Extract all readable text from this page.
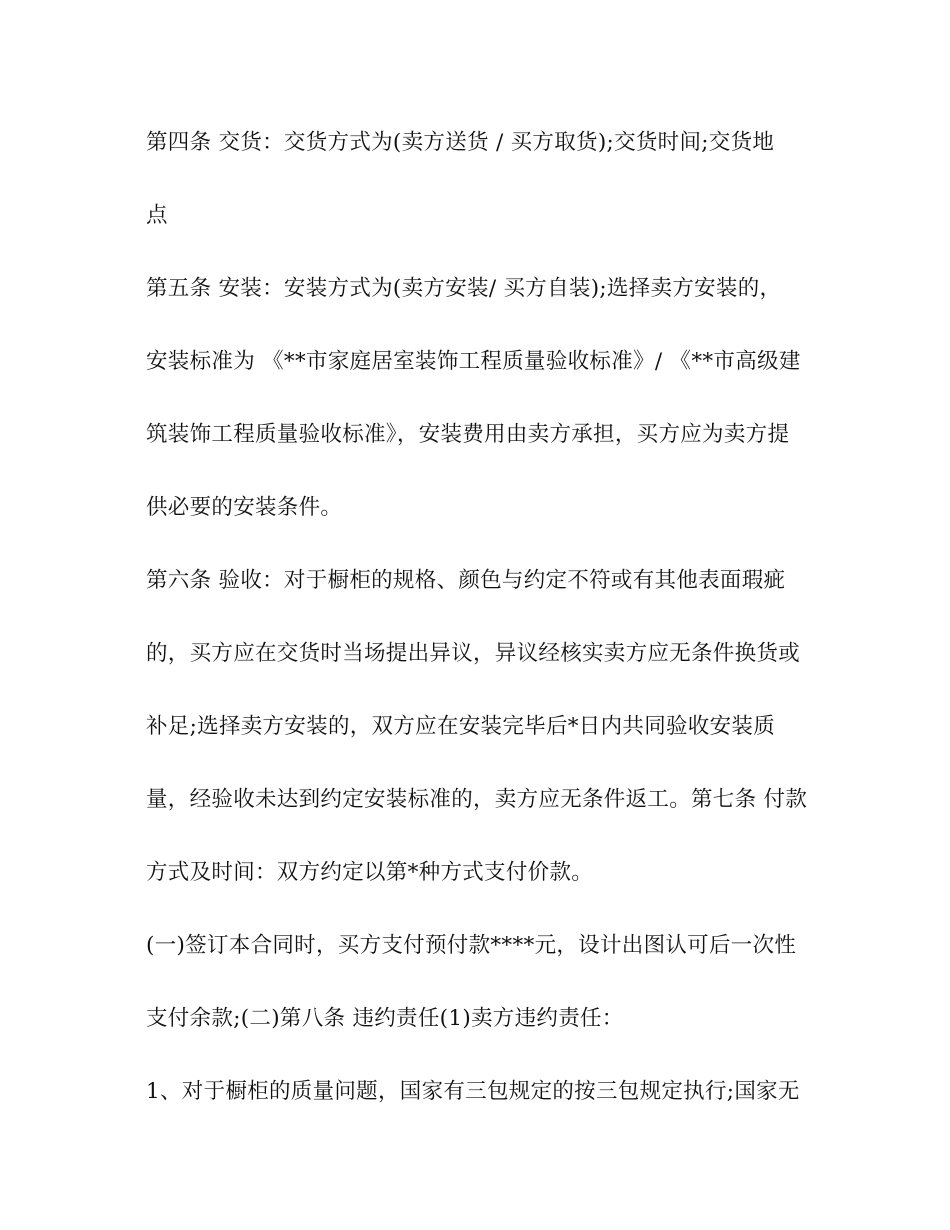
第四条 交货：交货方式为(卖方送货 / 买方取货);交货时间;交货地

点

第五条 安装：安装方式为(卖方安装/ 买方自装);选择卖方安装的，

安装标准为 《**市家庭居室装饰工程质量验收标准》/ 《**市高级建

筑装饰工程质量验收标准》，安装费用由卖方承担，买方应为卖方提

供必要的安装条件。

第六条 验收：对于橱柜的规格、颜色与约定不符或有其他表面瑕疵

的，买方应在交货时当场提出异议，异议经核实卖方应无条件换货或

补足;选择卖方安装的，双方应在安装完毕后*日内共同验收安装质

量，经验收未达到约定安装标准的，卖方应无条件返工。第七条 付款

方式及时间：双方约定以第*种方式支付价款。

(一)签订本合同时，买方支付预付款****元，设计出图认可后一次性

支付余款;(二)第八条 违约责任(1)卖方违约责任：

1、对于橱柜的质量问题，国家有三包规定的按三包规定执行;国家无
